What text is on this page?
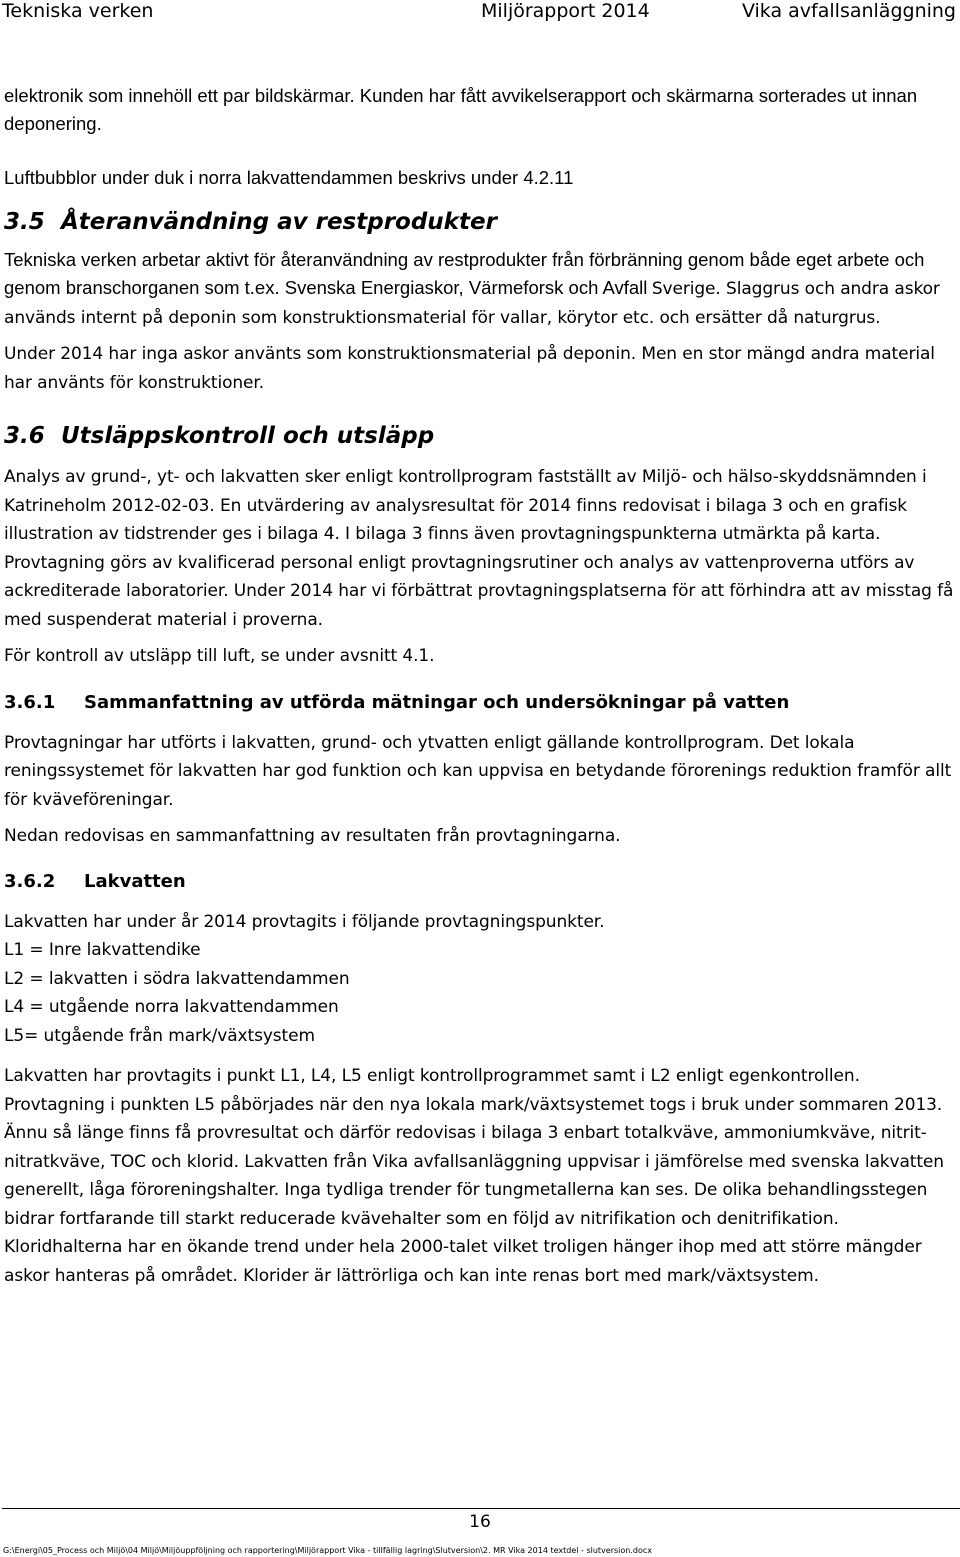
Tekniska verken	Miljörapport 2014	Vika avfallsanläggning

elektronik som innehöll ett par bildskärmar. Kunden har fått avvikelserapport och skärmarna sorterades ut innan deponering.

Luftbubblor under duk i norra lakvattendammen beskrivs under 4.2.11

3.5 Återanvändning av restprodukter
Tekniska verken arbetar aktivt för återanvändning av restprodukter från förbränning genom både eget arbete och genom branschorganen som t.ex. Svenska Energiaskor, Värmeforsk och Avfall Sverige. Slaggrus och andra askor används internt på deponin som konstruktionsmaterial för vallar, körytor etc. och ersätter då naturgrus.

Under 2014 har inga askor använts som konstruktionsmaterial på deponin. Men en stor mängd andra material har använts för konstruktioner.

3.6 Utsläppskontroll och utsläpp

Analys av grund-, yt- och lakvatten sker enligt kontrollprogram fastställt av Miljö- och hälso-skyddsnämnden i Katrineholm 2012-02-03. En utvärdering av analysresultat för 2014 finns redovisat i bilaga 3 och en grafisk illustration av tidstrender ges i bilaga 4. I bilaga 3 finns även provtagningspunkterna utmärkta på karta. Provtagning görs av kvalificerad personal enligt provtagningsrutiner och analys av vattenproverna utförs av ackrediterade laboratorier. Under 2014 har vi förbättrat provtagningsplatserna för att förhindra att av misstag få med suspenderat material i proverna.

För kontroll av utsläpp till luft, se under avsnitt 4.1.

3.6.1	Sammanfattning av utförda mätningar och undersökningar på vatten

Provtagningar har utförts i lakvatten, grund- och ytvatten enligt gällande kontrollprogram. Det lokala reningssystemet för lakvatten har god funktion och kan uppvisa en betydande förorenings reduktion framför allt för kväveföreningar.

Nedan redovisas en sammanfattning av resultaten från provtagningarna.

3.6.2	Lakvatten

Lakvatten har under år 2014 provtagits i följande provtagningspunkter.

L1 = Inre lakvattendike

L2 = lakvatten i södra lakvattendammen

L4 = utgående norra lakvattendammen

L5= utgående från mark/växtsystem

Lakvatten har provtagits i punkt L1, L4, L5 enligt kontrollprogrammet samt i L2 enligt egenkontrollen. Provtagning i punkten L5 påbörjades när den nya lokala mark/växtsystemet togs i bruk under sommaren 2013. Ännu så länge finns få provresultat och därför redovisas i bilaga 3 enbart totalkväve, ammoniumkväve, nitrit-nitratkväve, TOC och klorid. Lakvatten från Vika avfallsanläggning uppvisar i jämförelse med svenska lakvatten generellt, låga föroreningshalter. Inga tydliga trender för tungmetallerna kan ses. De olika behandlingsstegen bidrar fortfarande till starkt reducerade kvävehalter som en följd av nitrifikation och denitrifikation. Kloridhalterna har en ökande trend under hela 2000-talet vilket troligen hänger ihop med att större mängder askor hanteras på området. Klorider är lättrörliga och kan inte renas bort med mark/växtsystem.

16
G:\Energi\05_Process och Miljö\04 Miljö\Miljöuppföljning och rapportering\Miljörapport Vika - tillfällig lagring\Slutversion\2. MR Vika 2014 textdel - slutversion.docx
